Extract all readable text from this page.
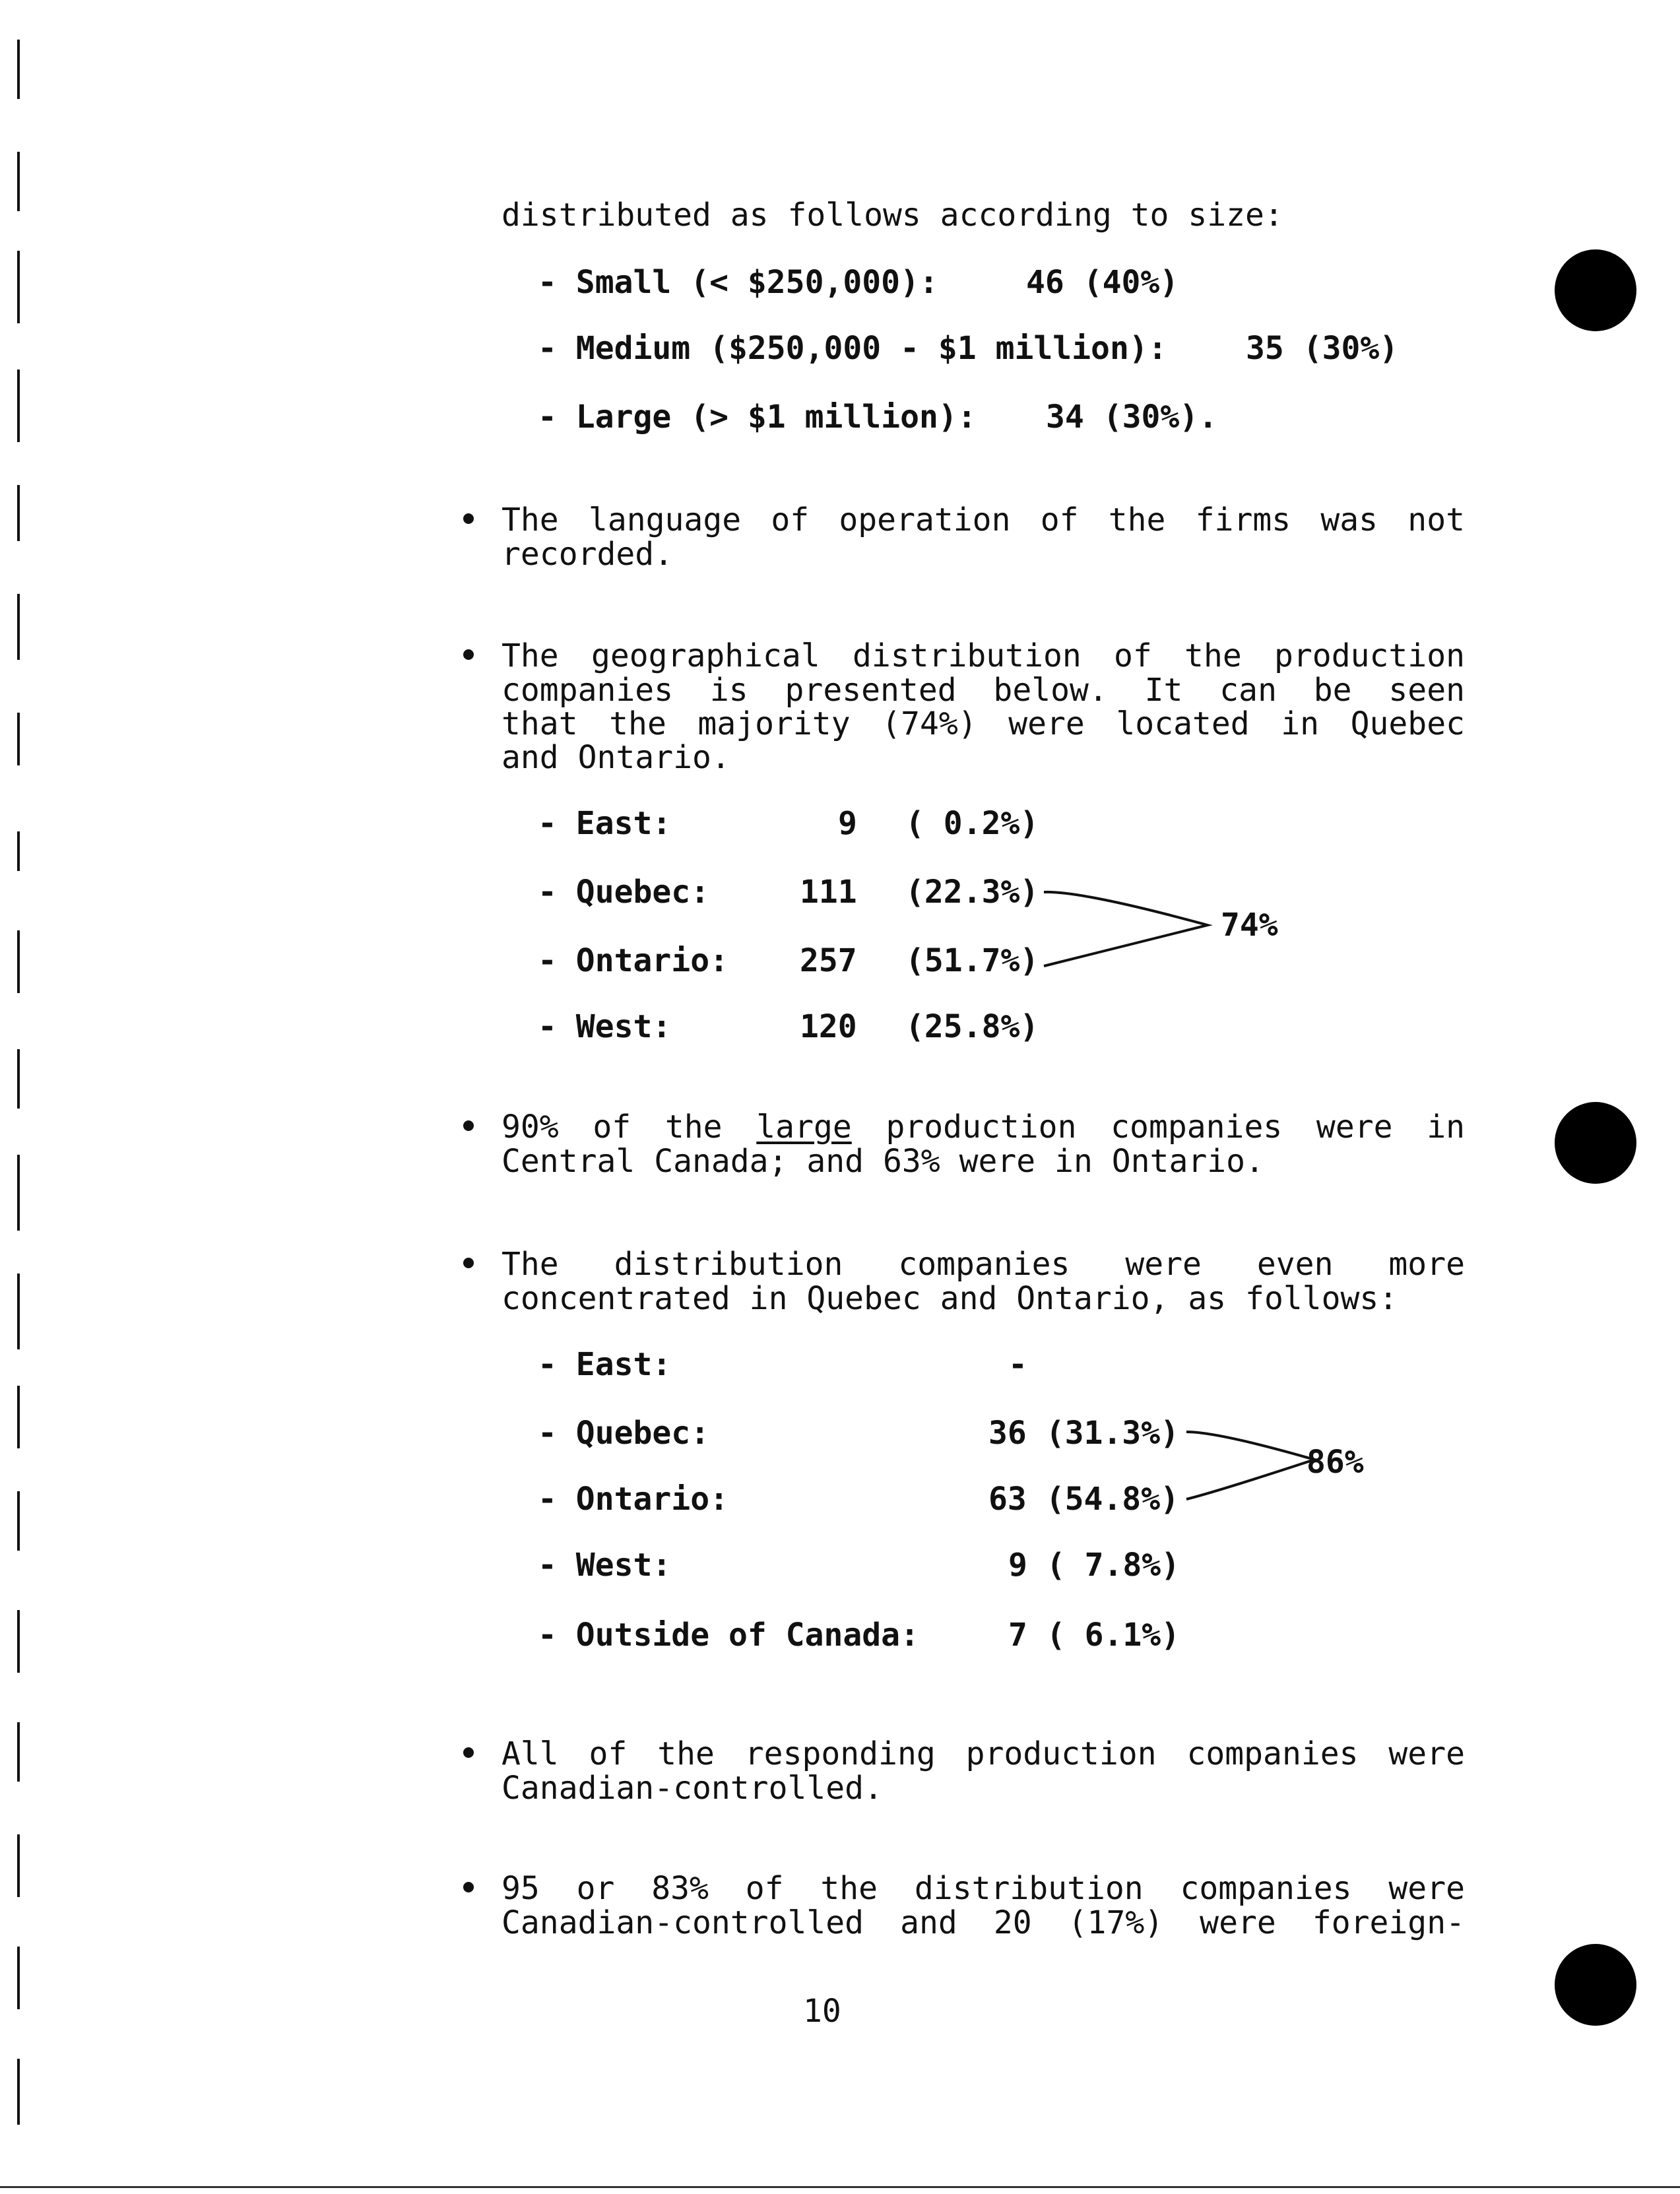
distributed as follows according to size:
- Small (< $250,000):	46 (40%)
- Medium ($250,000 - $1 million): 35 (30%)
- Large (> $1 million): 34 (30%).
The language of operation of the firms was not
recorded.
The geographical distribution of the production
companies is presented below. It can be seen
that the majority (74%) were located in Quebec
and Ontario.
- East:	9 ( 0.2%)
- Quebec:	111 (22.3%)
- Ontario: 257 (51.7%)
- West:	120 (25.8%)
74%
90% of the large production companies were in
Central Canada; and 63% were in Ontario.
The distribution companies were even more
concentrated in Quebec and Ontario, as follows:
- East:	-
- Quebec:	36 (31.3%)
- Ontario:	63 (54.8%)
- West:	9 ( 7.8%)
- Outside of Canada:	7 ( 6.1%)
86%
All of the responding production companies were
Canadian-controlled.
95 or 83% of the distribution companies were
Canadian-controlled and 20 (17%) were foreign-
10
